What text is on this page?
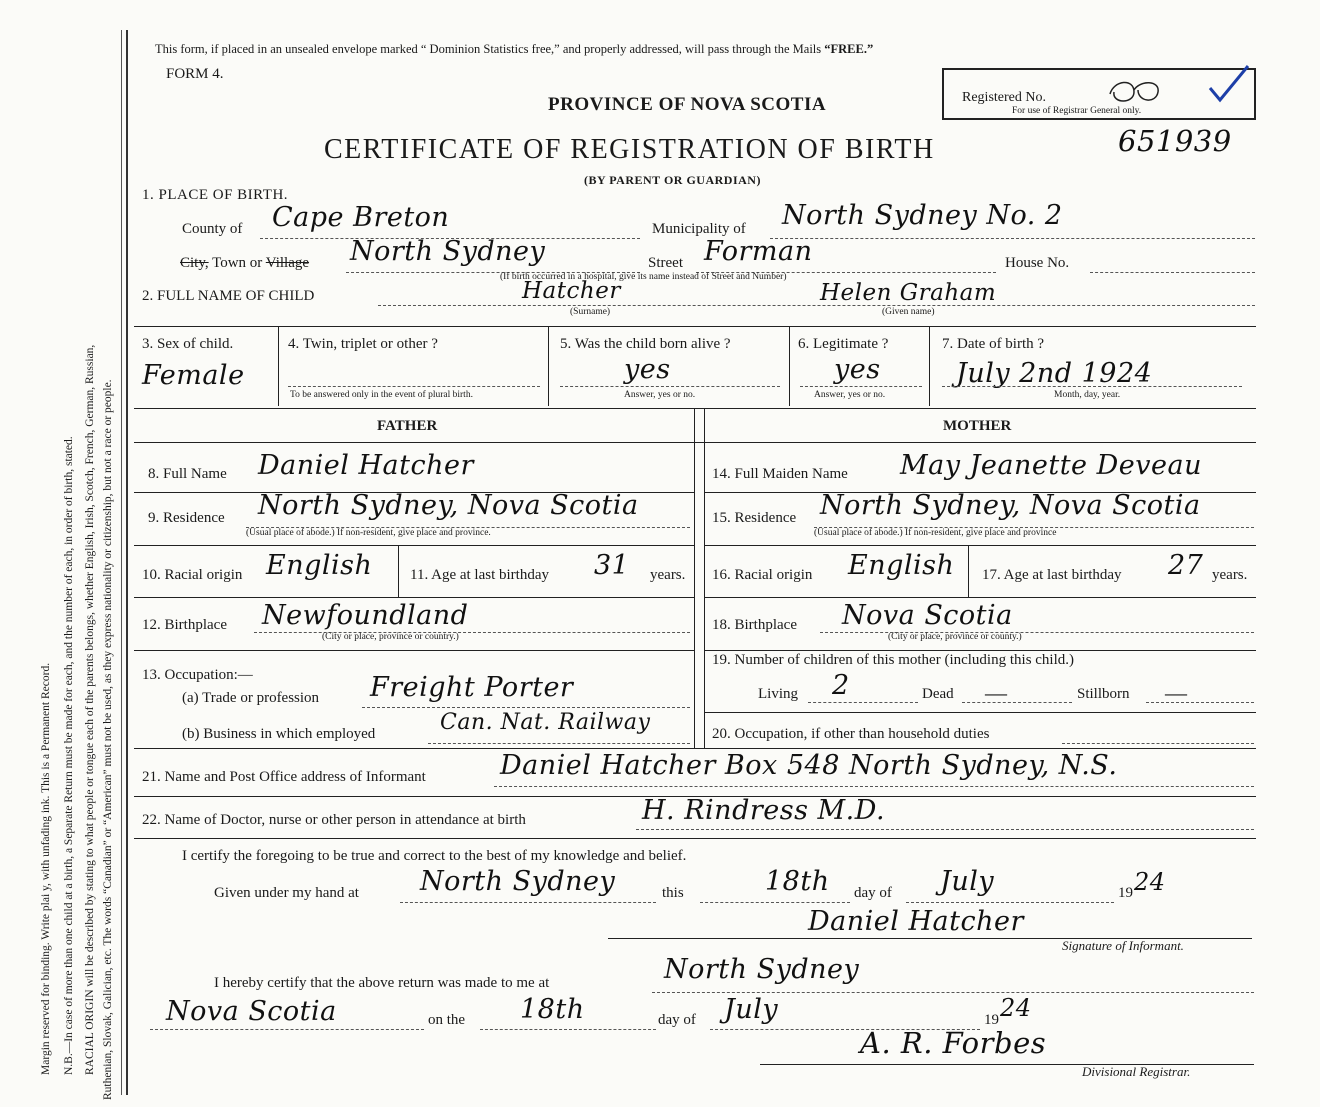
Margin reserved for binding. Write plai y, with unfading ink. This is a Permanent Record. N.B.—In case of more than one child at a birth, a Separate Return must be made for each, and the number of each, in order of birth, stated. RACIAL ORIGIN will be described by stating to what people or tongue each of the parents belongs, whether English, Irish, Scotch, French, German, Russian, Ruthenian, Slovak, Galician, etc. The words “Canadian” or “American” must not be used, as they express nationality or citizenship, but not a race or people.
This form, if placed in an unsealed envelope marked “ Dominion Statistics free,” and properly addressed, will pass through the Mails “FREE.”
FORM 4.
Registered No.
For use of Registrar General only.
PROVINCE OF NOVA SCOTIA
CERTIFICATE OF REGISTRATION OF BIRTH
(BY PARENT OR GUARDIAN)
651939
1. PLACE OF BIRTH.
County of Cape Breton	Municipality of North Sydney No. 2
City, Town or Village North Sydney	Street Forman	House No.
(If birth occurred in a hospital, give its name instead of Street and Number)
2. FULL NAME OF CHILD	Hatcher
(Surname)
Helen Graham
(Given name)
3. Sex of child.
Female
4. Twin, triplet or other ?
To be answered only in the event of plural birth.
5. Was the child born alive ?
yes
Answer, yes or no.
6. Legitimate ?
yes
Answer, yes or no.
7. Date of birth ?
July 2nd 1924
Month, day, year.
FATHER	MOTHER
8. Full Name Daniel Hatcher
9. Residence North Sydney, Nova Scotia
(Usual place of abode.) If non-resident, give place and province.
10. Racial origin English	11. Age at last birthday 31 years.
12. Birthplace Newfoundland
(City or place, province or country.)
13. Occupation:—
(a) Trade or profession Freight Porter
(b) Business in which employed	Can. Nat. Railway
14. Full Maiden Name May Jeanette Deveau
15. Residence North Sydney, Nova Scotia
(Usual place of abode.) If non-resident, give place and province
16. Racial origin English 17. Age at last birthday 27 years.
18. Birthplace Nova Scotia
(City or place, province or county.)
19. Number of children of this mother (including this child.)
Living 2	Dead —	Stillborn —
20. Occupation, if other than household duties
21. Name and Post Office address of Informant	Daniel Hatcher Box 548 North Sydney, N.S.
22. Name of Doctor, nurse or other person in attendance at birth	H. Rindress M.D.
I certify the foregoing to be true and correct to the best of my knowledge and belief.
Given under my hand at North Sydney	this	18th day of July	19 24
Daniel Hatcher
Signature of Informant.
I hereby certify that the above return was made to me at	North Sydney
Nova Scotia	on the 18th	day of July	19 24
A. R. Forbes
Divisional Registrar.
